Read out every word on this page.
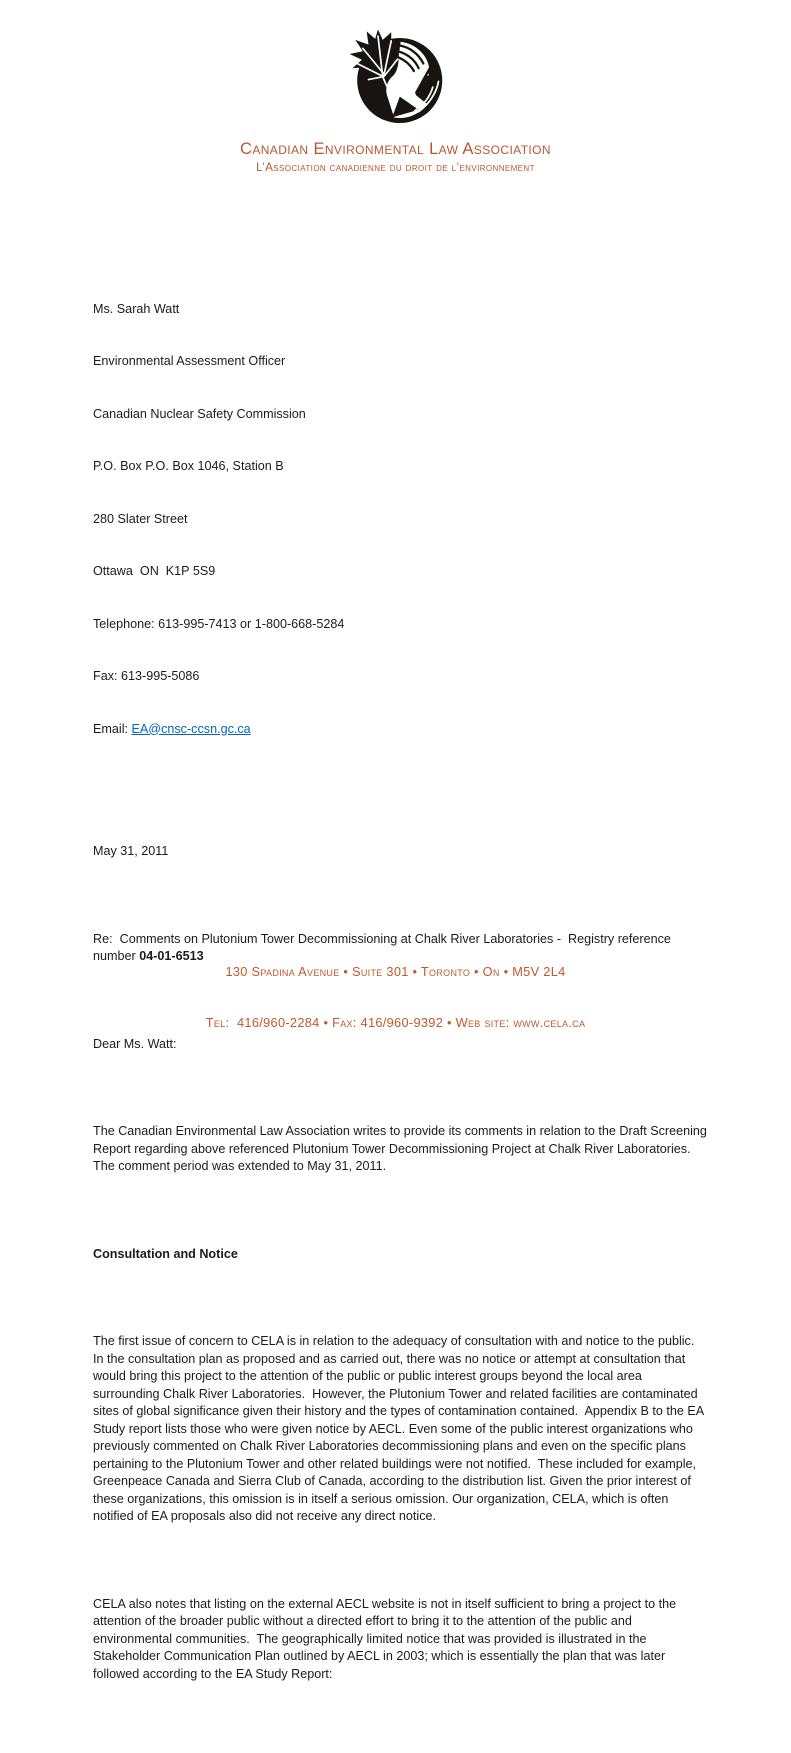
Canadian Environmental Law Association
L’Association canadienne du droit de l’environnement

Ms. Sarah Watt

Environmental Assessment Officer

Canadian Nuclear Safety Commission

P.O. Box P.O. Box 1046, Station B

280 Slater Street

Ottawa  ON  K1P 5S9

Telephone: 613-995-7413 or 1-800-668-5284

Fax: 613-995-5086

Email: EA@cnsc-ccsn.gc.ca

May 31, 2011

Re:  Comments on Plutonium Tower Decommissioning at Chalk River Laboratories -  Registry reference number 04-01-6513

Dear Ms. Watt:

The Canadian Environmental Law Association writes to provide its comments in relation to the Draft Screening Report regarding above referenced Plutonium Tower Decommissioning Project at Chalk River Laboratories.  The comment period was extended to May 31, 2011.

Consultation and Notice

The first issue of concern to CELA is in relation to the adequacy of consultation with and notice to the public.  In the consultation plan as proposed and as carried out, there was no notice or attempt at consultation that would bring this project to the attention of the public or public interest groups beyond the local area surrounding Chalk River Laboratories.  However, the Plutonium Tower and related facilities are contaminated sites of global significance given their history and the types of contamination contained.  Appendix B to the EA Study report lists those who were given notice by AECL. Even some of the public interest organizations who previously commented on Chalk River Laboratories decommissioning plans and even on the specific plans pertaining to the Plutonium Tower and other related buildings were not notified.  These included for example, Greenpeace Canada and Sierra Club of Canada, according to the distribution list. Given the prior interest of these organizations, this omission is in itself a serious omission. Our organization, CELA, which is often notified of EA proposals also did not receive any direct notice.

CELA also notes that listing on the external AECL website is not in itself sufficient to bring a project to the attention of the broader public without a directed effort to bring it to the attention of the public and environmental communities.  The geographically limited notice that was provided is illustrated in the Stakeholder Communication Plan outlined by AECL in 2003; which is essentially the plan that was later followed according to the EA Study Report:

130 Spadina Avenue • Suite 301 • Toronto • On • M5V 2L4

Tel:  416/960-2284 • Fax: 416/960-9392 • Web site: www.cela.ca
